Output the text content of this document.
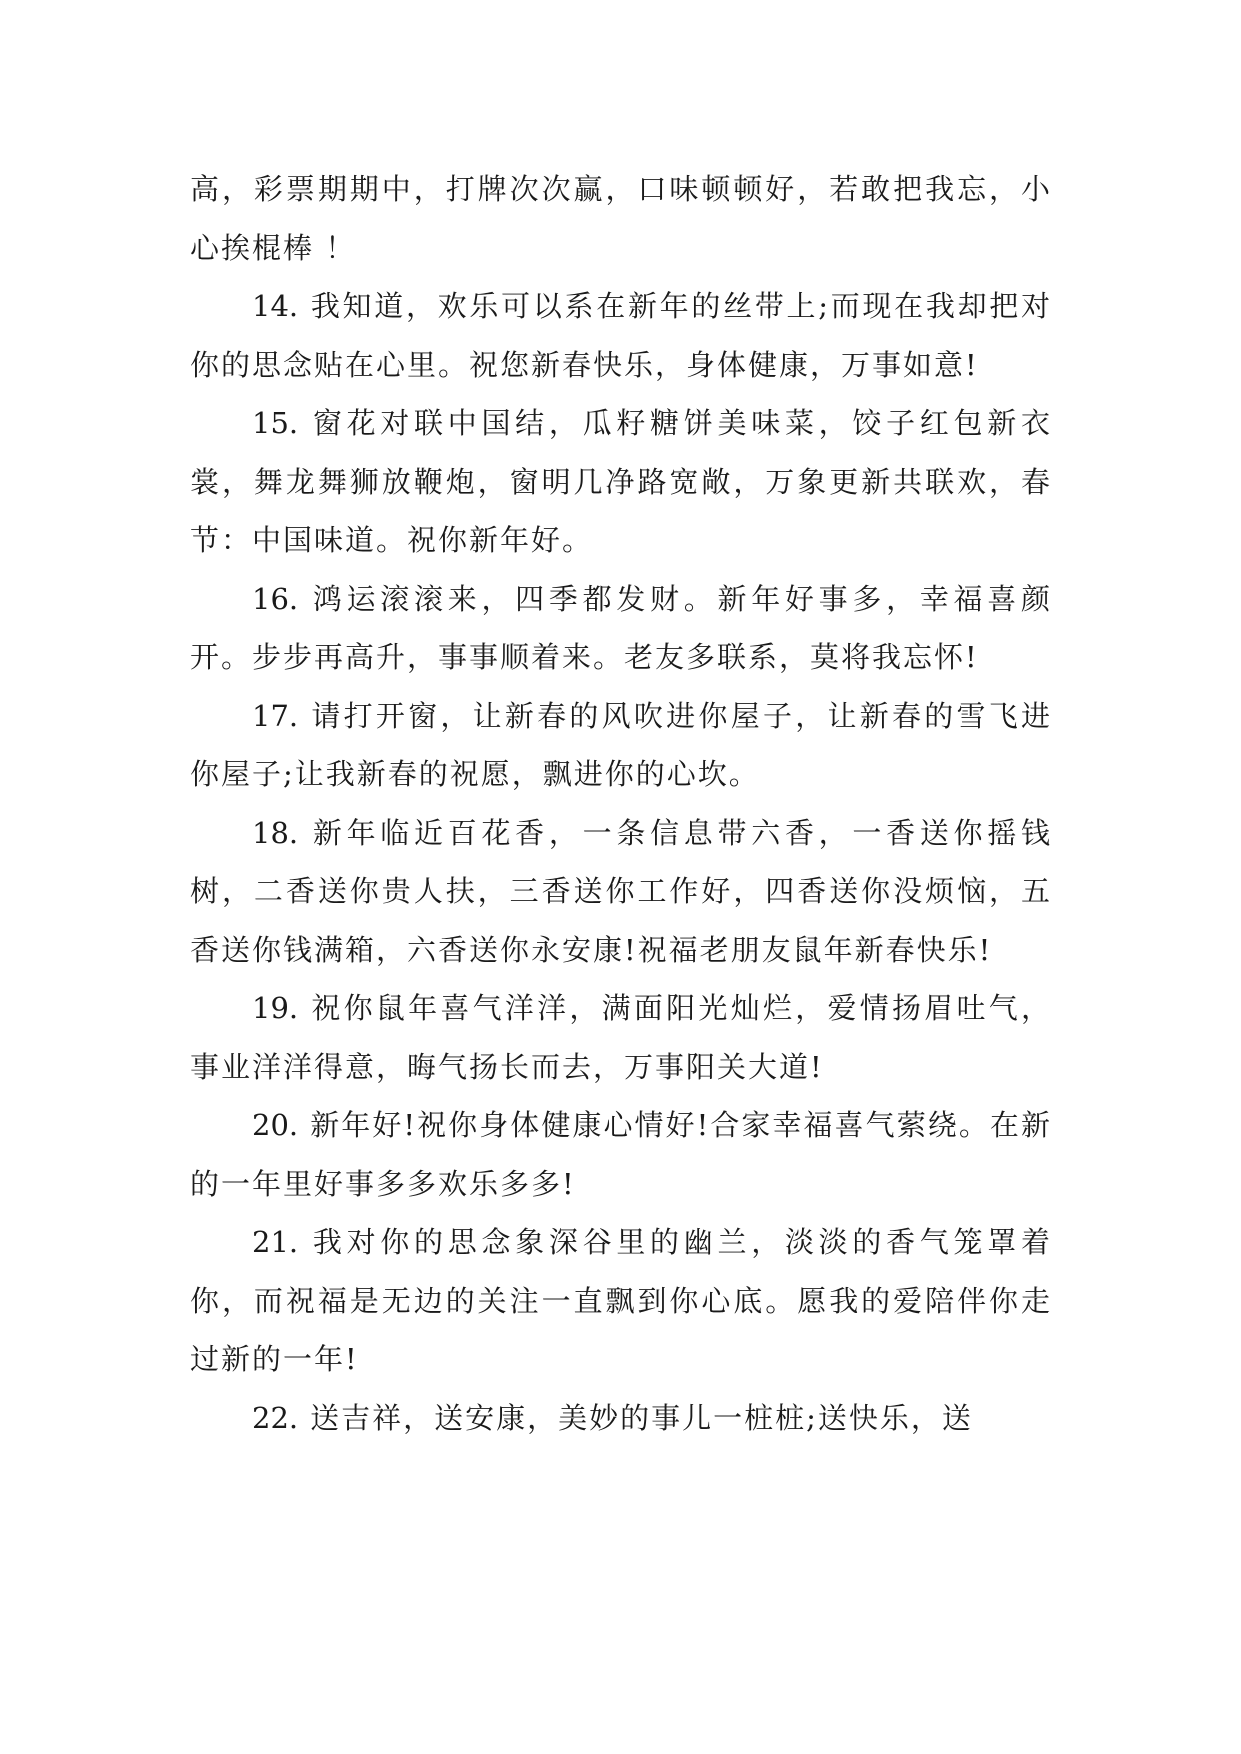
高，彩票期期中，打牌次次赢，口味顿顿好，若敢把我忘，小心挨棍棒 ！

14. 我知道，欢乐可以系在新年的丝带上;而现在我却把对你的思念贴在心里。祝您新春快乐，身体健康，万事如意!

15. 窗花对联中国结，瓜籽糖饼美味菜，饺子红包新衣裳，舞龙舞狮放鞭炮，窗明几净路宽敞，万象更新共联欢，春节：中国味道。祝你新年好。

16. 鸿运滚滚来，四季都发财。新年好事多，幸福喜颜开。步步再高升，事事顺着来。老友多联系，莫将我忘怀!

17. 请打开窗，让新春的风吹进你屋子，让新春的雪飞进你屋子;让我新春的祝愿，飘进你的心坎。

18. 新年临近百花香，一条信息带六香，一香送你摇钱树，二香送你贵人扶，三香送你工作好，四香送你没烦恼，五香送你钱满箱，六香送你永安康!祝福老朋友鼠年新春快乐!

19. 祝你鼠年喜气洋洋，满面阳光灿烂，爱情扬眉吐气，事业洋洋得意，晦气扬长而去，万事阳关大道!

20. 新年好!祝你身体健康心情好!合家幸福喜气萦绕。在新的一年里好事多多欢乐多多!

21. 我对你的思念象深谷里的幽兰，淡淡的香气笼罩着你，而祝福是无边的关注一直飘到你心底。愿我的爱陪伴你走过新的一年!

22. 送吉祥，送安康，美妙的事儿一桩桩;送快乐，送
